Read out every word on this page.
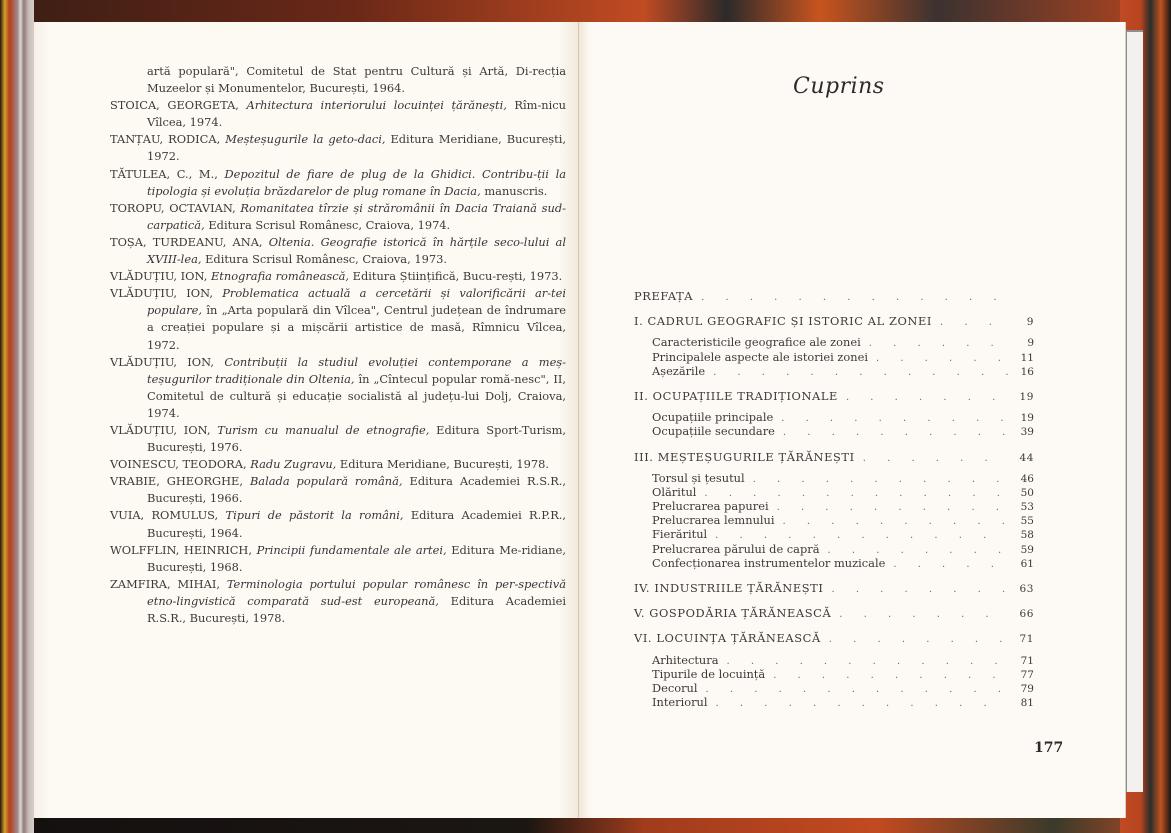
artă populară", Comitetul de Stat pentru Cultură și Artă, Di-recția Muzeelor și Monumentelor, București, 1964.

STOICA, GEORGETA, Arhitectura interiorului locuinței țărănești, Rîm-nicu Vîlcea, 1974.

TANȚAU, RODICA, Meșteșugurile la geto-daci, Editura Meridiane, București, 1972.

TĂTULEA, C., M., Depozitul de fiare de plug de la Ghidici. Contribu-ții la tipologia și evoluția brăzdarelor de plug romane în Dacia, manuscris.

TOROPU, OCTAVIAN, Romanitatea tîrzie și străromânii în Dacia Traiană sud-carpatică, Editura Scrisul Românesc, Craiova, 1974.

TOȘA, TURDEANU, ANA, Oltenia. Geografie istorică în hărțile seco-lului al XVIII-lea, Editura Scrisul Românesc, Craiova, 1973.

VLĂDUȚIU, ION, Etnografia românească, Editura Științifică, Bucu-rești, 1973.

VLĂDUȚIU, ION, Problematica actuală a cercetării și valorificării ar-tei populare, în „Arta populară din Vîlcea", Centrul județean de îndrumare a creației populare și a mișcării artistice de masă, Rîmnicu Vîlcea, 1972.

VLĂDUȚIU, ION, Contribuții la studiul evoluției contemporane a meș-teșugurilor tradiționale din Oltenia, în „Cîntecul popular romă-nesc", II, Comitetul de cultură și educație socialistă al județu-lui Dolj, Craiova, 1974.

VLĂDUȚIU, ION, Turism cu manualul de etnografie, Editura Sport-Turism, București, 1976.

VOINESCU, TEODORA, Radu Zugravu, Editura Meridiane, București, 1978.

VRABIE, GHEORGHE, Balada populară română, Editura Academiei R.S.R., București, 1966.

VUIA, ROMULUS, Tipuri de păstorit la români, Editura Academiei R.P.R., București, 1964.

WOLFFLIN, HEINRICH, Principii fundamentale ale artei, Editura Me-ridiane, București, 1968.

ZAMFIRA, MIHAI, Terminologia portului popular românesc în per-spectivă etno-lingvistică comparată sud-est europeană, Editura Academiei R.S.R., București, 1978.

Cuprins
PREFAȚA
. . .
I. CADRUL GEOGRAFIC ȘI ISTORIC AL ZONEI . . .	9
Caracteristicile geografice ale zonei . . .	9
Principalele aspecte ale istoriei zonei . . .	11
Așezările . . .	16
II. OCUPAȚIILE TRADIȚIONALE . . .	19
Ocupațiile principale . . .	19
Ocupațiile secundare . . .	39
III. MEȘTEȘUGURILE ȚĂRĂNEȘTI . . .	44
Torsul și țesutul . . .	46
Olăritul . . .	50
Prelucrarea papurei . . .	53
Prelucrarea lemnului . . .	55
Fierăritul . . .	58
Prelucrarea părului de capră . . .	59
Confecționarea instrumentelor muzicale . . .	61
IV. INDUSTRIILE ȚĂRĂNEȘTI . . .	63
V. GOSPODĂRIA ȚĂRĂNEASCĂ . . .	66
VI. LOCUINȚA ȚĂRĂNEASCĂ . . .	71
Arhitectura . . .	71
Tipurile de locuință . . .	77
Decorul . . .	79
Interiorul . . .	81
177
